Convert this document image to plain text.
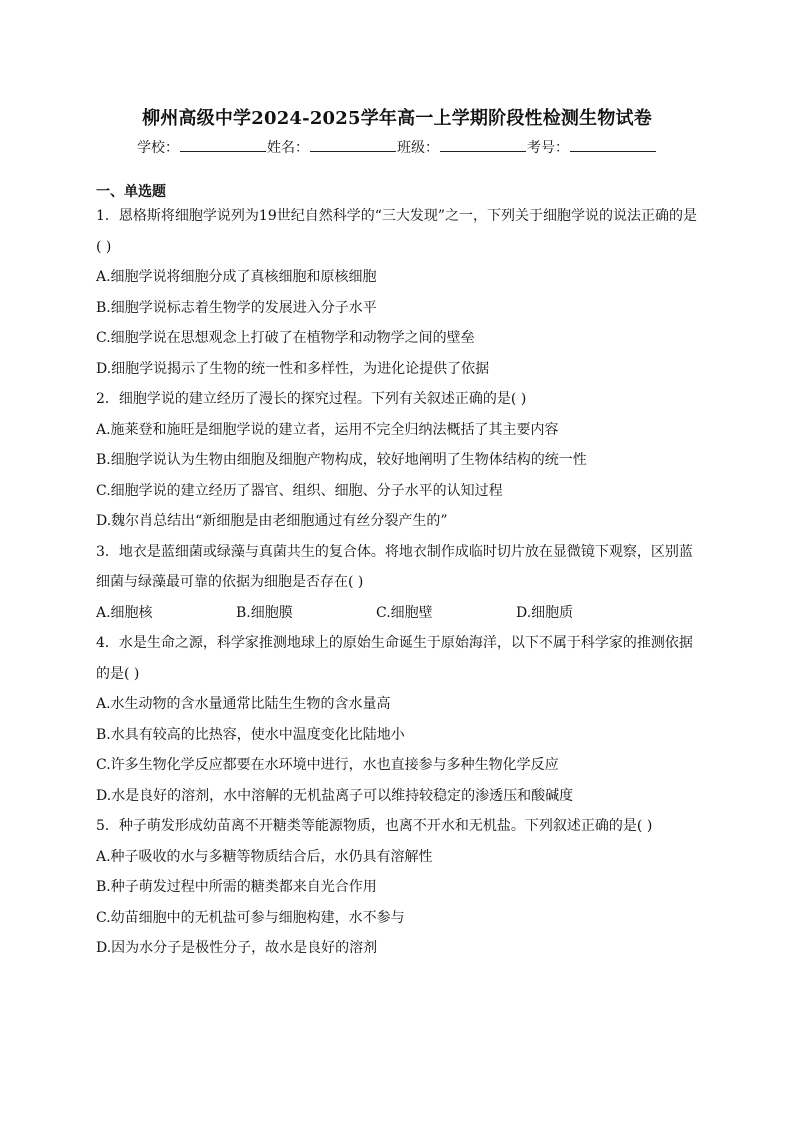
柳州高级中学2024-2025学年高一上学期阶段性检测生物试卷
学校：	姓名：	班级：	考号：
一、单选题
1．恩格斯将细胞学说列为19世纪自然科学的“三大发现”之一，下列关于细胞学说的说法正确的是( )
A.细胞学说将细胞分成了真核细胞和原核细胞
B.细胞学说标志着生物学的发展进入分子水平
C.细胞学说在思想观念上打破了在植物学和动物学之间的壁垒
D.细胞学说揭示了生物的统一性和多样性，为进化论提供了依据
2．细胞学说的建立经历了漫长的探究过程。下列有关叙述正确的是( )
A.施莱登和施旺是细胞学说的建立者，运用不完全归纳法概括了其主要内容
B.细胞学说认为生物由细胞及细胞产物构成，较好地阐明了生物体结构的统一性
C.细胞学说的建立经历了器官、组织、细胞、分子水平的认知过程
D.魏尔肖总结出“新细胞是由老细胞通过有丝分裂产生的”
3．地衣是蓝细菌或绿藻与真菌共生的复合体。将地衣制作成临时切片放在显微镜下观察，区别蓝细菌与绿藻最可靠的依据为细胞是否存在( )
A.细胞核	B.细胞膜	C.细胞壁	D.细胞质
4．水是生命之源，科学家推测地球上的原始生命诞生于原始海洋，以下不属于科学家的推测依据的是( )
A.水生动物的含水量通常比陆生生物的含水量高
B.水具有较高的比热容，使水中温度变化比陆地小
C.许多生物化学反应都要在水环境中进行，水也直接参与多种生物化学反应
D.水是良好的溶剂，水中溶解的无机盐离子可以维持较稳定的渗透压和酸碱度
5．种子萌发形成幼苗离不开糖类等能源物质，也离不开水和无机盐。下列叙述正确的是( )
A.种子吸收的水与多糖等物质结合后，水仍具有溶解性
B.种子萌发过程中所需的糖类都来自光合作用
C.幼苗细胞中的无机盐可参与细胞构建，水不参与
D.因为水分子是极性分子，故水是良好的溶剂
